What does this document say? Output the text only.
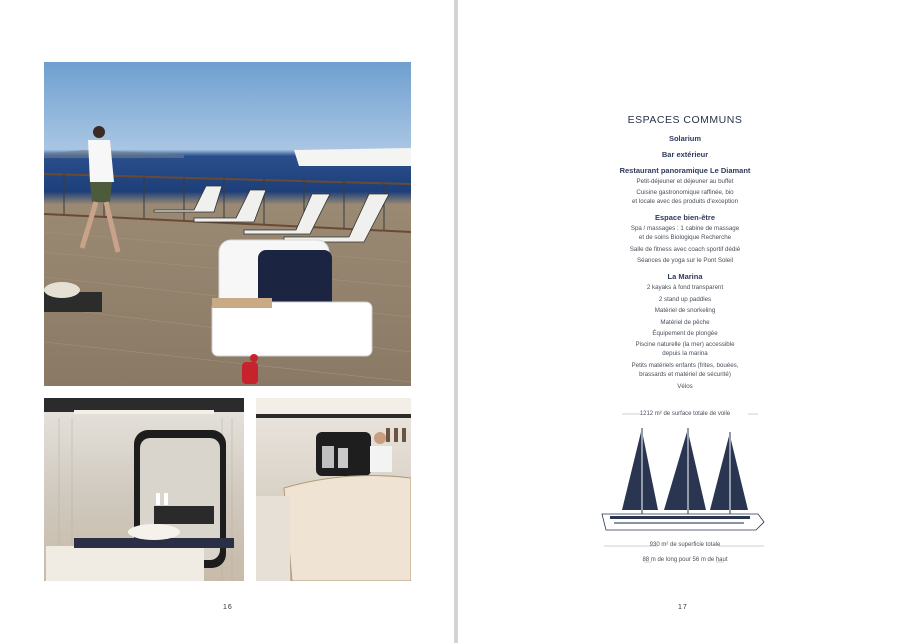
16
ESPACES COMMUNS
Solarium
Bar extérieur
Restaurant panoramique Le Diamant
Petit-déjeuner et déjeuner au buffet
Cuisine gastronomique raffinée, bio
et locale avec des produits d'exception
Espace bien-être
Spa / massages : 1 cabine de massage
et de soins Biologique Recherche
Salle de fitness avec coach sportif dédié
Séances de yoga sur le Pont Soleil
La Marina
2 kayaks à fond transparent
2 stand up paddles
Matériel de snorkeling
Matériel de pêche
Équipement de plongée
Piscine naturelle (la mer) accessible
depuis la marina
Petits matériels enfants (frites, bouées,
brassards et matériel de sécurité)
Vélos
1212 m² de surface totale de voile
930 m² de superficie totale
88 m de long pour 56 m de haut
17
